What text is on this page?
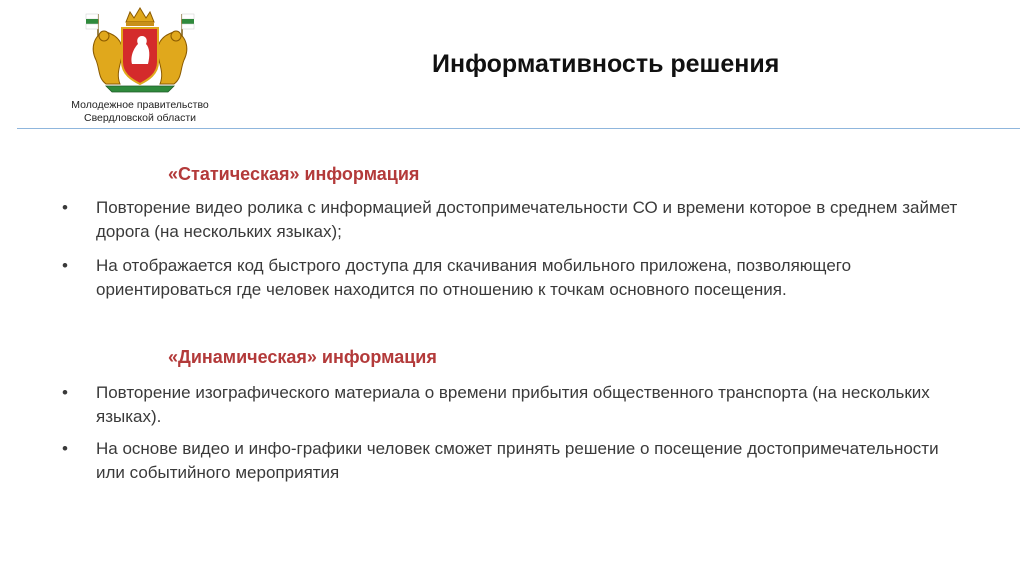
Молодежное правительство
Свердловской области
Информативность решения
«Статическая» информация
• Повторение видео ролика с информацией достопримечательности СО и времени которое в среднем займет дорога (на нескольких языках);
• На отображается код быстрого доступа для скачивания мобильного приложена, позволяющего ориентироваться где человек находится по отношению к точкам основного посещения.
«Динамическая» информация
• Повторение изографического материала о времени прибытия общественного транспорта (на нескольких языках).
• На основе видео и инфо-графики человек сможет принять решение о посещение достопримечательности или событийного мероприятия
